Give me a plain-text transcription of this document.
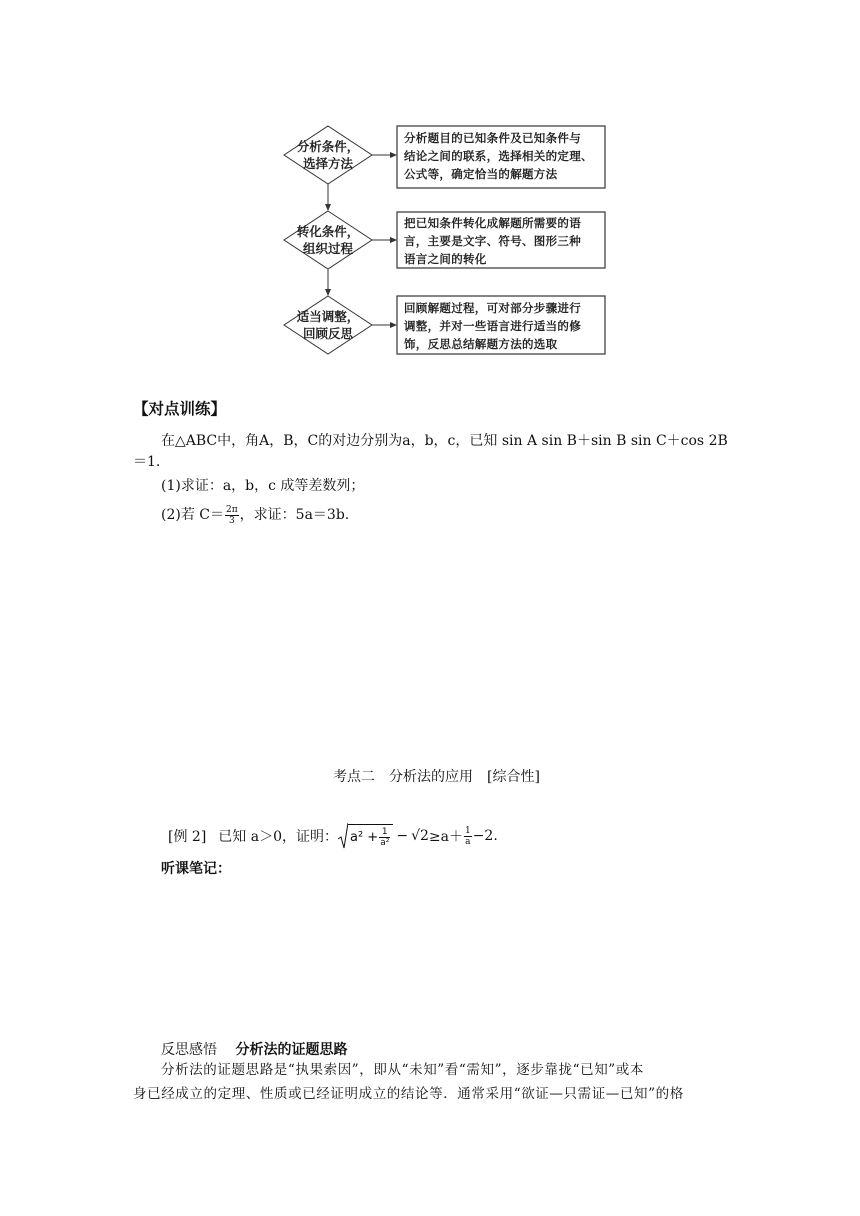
分析条件，
选择方法
转化条件，
组织过程
适当调整，
回顾反思
分析题目的已知条件及已知条件与
结论之间的联系，选择相关的定理、
公式等，确定恰当的解题方法
把已知条件转化成解题所需要的语
言，主要是文字、符号、图形三种
语言之间的转化
回顾解题过程，可对部分步骤进行
调整，并对一些语言进行适当的修
饰，反思总结解题方法的选取
【对点训练】
在△ABC中，角A，B，C的对边分别为a，b，c，已知 sin A sin B＋sin B sin C＋cos 2B
＝1.
(1)求证：a，b，c 成等差数列；
(2)若 $C= \frac{2\pi}{3}$ ，求证：5a＝3b.
考点二　分析法的应用　[综合性]
[例 2] 已知 a＞0，证明： $a^2 + \frac{1}{\text{a²}} - √2 \ge a+ \frac{1}{a} -2$.
听课笔记：
反思感悟 分析法的证题思路
分析法的证题思路是“执果索因”，即从“未知”看“需知”，逐步靠拢“已知”或本
身已经成立的定理、性质或已经证明成立的结论等．通常采用“欲证—只需证—已知”的格
